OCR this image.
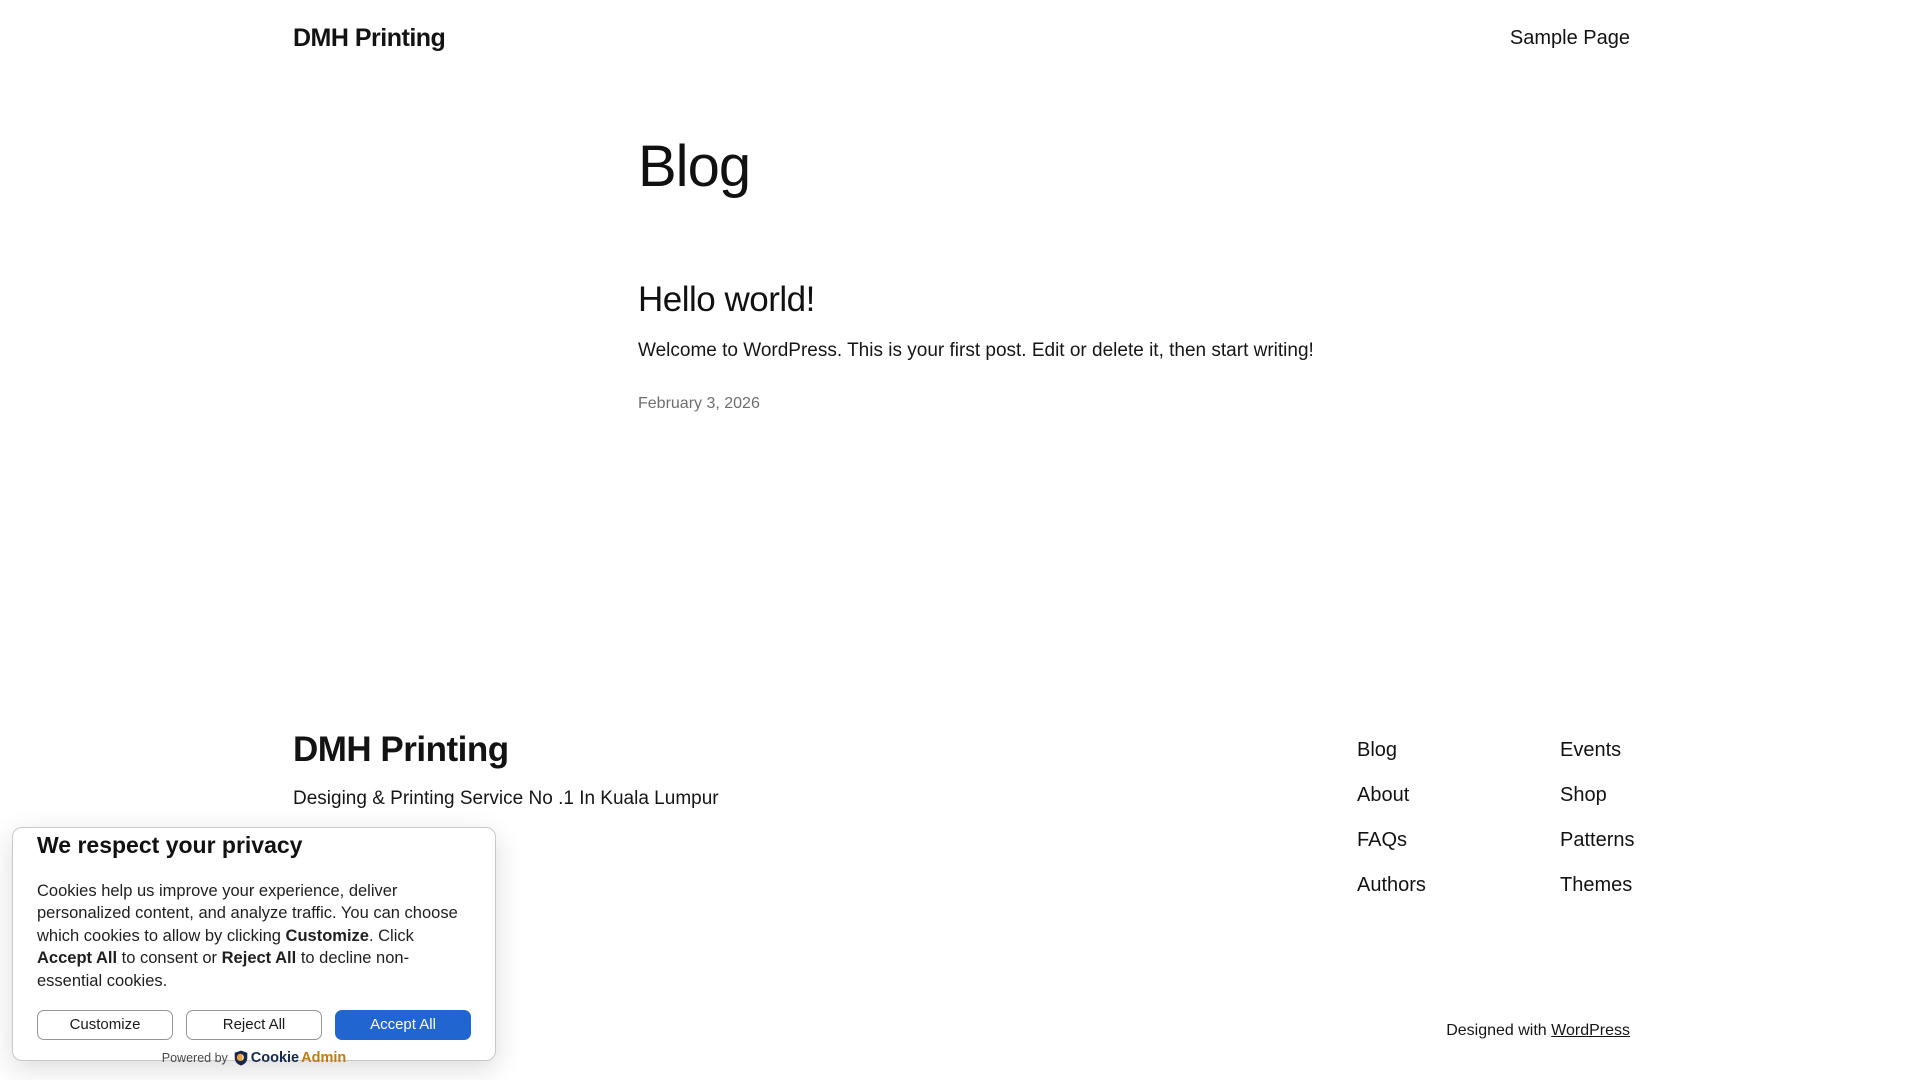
DMH Printing	Sample Page
Blog
Hello world!

Welcome to WordPress. This is your first post. Edit or delete it, then start writing!

February 3, 2026
DMH Printing

Desiging & Printing Service No .1 In Kuala Lumpur

Blog
About
FAQs
Authors
Events
Shop
Patterns
Themes
Designed with WordPress
We respect your privacy

Cookies help us improve your experience, deliver personalized content, and analyze traffic. You can choose which cookies to allow by clicking Customize. Click Accept All to consent or Reject All to decline non-essential cookies.

Customize	Reject All	Accept All
Powered by Cookie Admin
